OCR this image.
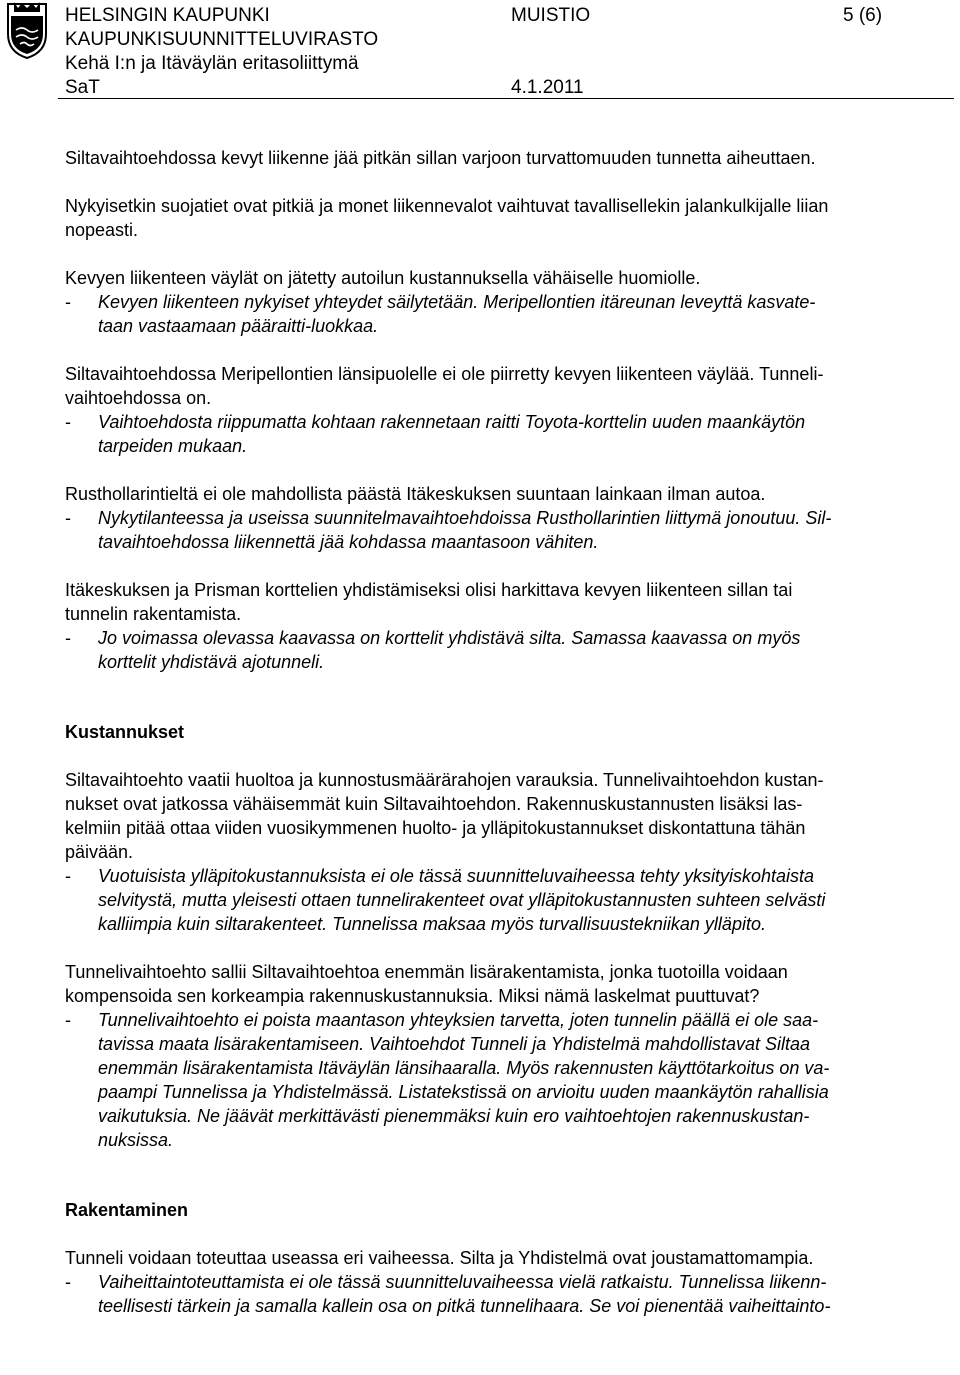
HELSINGIN KAUPUNKI
KAUPUNKISUUNNITTELUVIRASTO
Kehä I:n ja Itäväylän eritasoliittymä
SaT
MUISTIO
4.1.2011
5 (6)

Siltavaihtoehdossa kevyt liikenne jää pitkän sillan varjoon turvattomuuden tunnetta aiheuttaen.

Nykyisetkin suojatiet ovat pitkiä ja monet liikennevalot vaihtuvat tavallisellekin jalankulkijalle liian
nopeasti.

Kevyen liikenteen väylät on jätetty autoilun kustannuksella vähäiselle huomiolle.

-	Kevyen liikenteen nykyiset yhteydet säilytetään. Meripellontien itäreunan leveyttä kasvate-
taan vastaamaan pääraitti-luokkaa.

Siltavaihtoehdossa Meripellontien länsipuolelle ei ole piirretty kevyen liikenteen väylää. Tunneli-
vaihtoehdossa on.

-	Vaihtoehdosta riippumatta kohtaan rakennetaan raitti Toyota-korttelin uuden maankäytön
tarpeiden mukaan.

Rusthollarintieltä ei ole mahdollista päästä Itäkeskuksen suuntaan lainkaan ilman autoa.

-	Nykytilanteessa ja useissa suunnitelmavaihtoehdoissa Rusthollarintien liittymä jonoutuu. Sil-
tavaihtoehdossa liikennettä jää kohdassa maantasoon vähiten.

Itäkeskuksen ja Prisman korttelien yhdistämiseksi olisi harkittava kevyen liikenteen sillan tai
tunnelin rakentamista.

-	Jo voimassa olevassa kaavassa on korttelit yhdistävä silta. Samassa kaavassa on myös
korttelit yhdistävä ajotunneli.

Kustannukset

Siltavaihtoehto vaatii huoltoa ja kunnostusmäärärahojen varauksia. Tunnelivaihtoehdon kustan-
nukset ovat jatkossa vähäisemmät kuin Siltavaihtoehdon. Rakennuskustannusten lisäksi las-
kelmiin pitää ottaa viiden vuosikymmenen huolto- ja ylläpitokustannukset diskontattuna tähän
päivään.

-	Vuotuisista ylläpitokustannuksista ei ole tässä suunnitteluvaiheessa tehty yksityiskohtaista
selvitystä, mutta yleisesti ottaen tunnelirakenteet ovat ylläpitokustannusten suhteen selvästi
kalliimpia kuin siltarakenteet. Tunnelissa maksaa myös turvallisuustekniikan ylläpito.

Tunnelivaihtoehto sallii Siltavaihtoehtoa enemmän lisärakentamista, jonka tuotoilla voidaan
kompensoida sen korkeampia rakennuskustannuksia. Miksi nämä laskelmat puuttuvat?

-	Tunnelivaihtoehto ei poista maantason yhteyksien tarvetta, joten tunnelin päällä ei ole saa-
tavissa maata lisärakentamiseen. Vaihtoehdot Tunneli ja Yhdistelmä mahdollistavat Siltaa
enemmän lisärakentamista Itäväylän länsihaaralla. Myös rakennusten käyttötarkoitus on va-
paampi Tunnelissa ja Yhdistelmässä. Listatekstissä on arvioitu uuden maankäytön rahallisia
vaikutuksia. Ne jäävät merkittävästi pienemmäksi kuin ero vaihtoehtojen rakennuskustan-
nuksissa.

Rakentaminen

Tunneli voidaan toteuttaa useassa eri vaiheessa. Silta ja Yhdistelmä ovat joustamattomampia.

-	Vaiheittaintoteuttamista ei ole tässä suunnitteluvaiheessa vielä ratkaistu. Tunnelissa liikenn-
teellisesti tärkein ja samalla kallein osa on pitkä tunnelihaara. Se voi pienentää vaiheittainto-
